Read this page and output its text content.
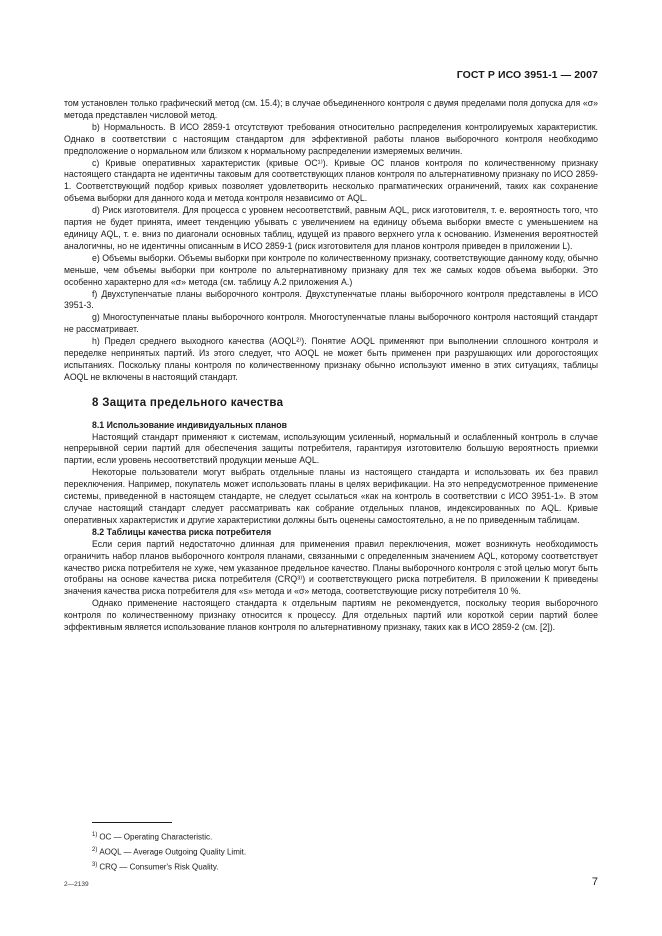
ГОСТ Р ИСО 3951-1 — 2007

том установлен только графический метод (см. 15.4); в случае объединенного контроля с двумя пределами поля допуска для «σ» метода представлен числовой метод.

b) Нормальность. В ИСО 2859-1 отсутствуют требования относительно распределения контролируемых характеристик. Однако в соответствии с настоящим стандартом для эффективной работы планов выборочного контроля необходимо предположение о нормальном или близком к нормальному распределении измеряемых величин.

c) Кривые оперативных характеристик (кривые ОС¹⁾). Кривые ОС планов контроля по количественному признаку настоящего стандарта не идентичны таковым для соответствующих планов контроля по альтернативному признаку по ИСО 2859-1. Соответствующий подбор кривых позволяет удовлетворить несколько прагматических ограничений, таких как сохранение объема выборки для данного кода и метода контроля независимо от AQL.

d) Риск изготовителя. Для процесса с уровнем несоответствий, равным AQL, риск изготовителя, т. е. вероятность того, что партия не будет принята, имеет тенденцию убывать с увеличением на единицу объема выборки вместе с уменьшением на единицу AQL, т. е. вниз по диагонали основных таблиц, идущей из правого верхнего угла к основанию. Изменения вероятностей аналогичны, но не идентичны описанным в ИСО 2859-1 (риск изготовителя для планов контроля приведен в приложении L).

e) Объемы выборки. Объемы выборки при контроле по количественному признаку, соответствующие данному коду, обычно меньше, чем объемы выборки при контроле по альтернативному признаку для тех же самых кодов объема выборки. Это особенно характерно для «σ» метода (см. таблицу А.2 приложения А.)

f) Двухступенчатые планы выборочного контроля. Двухступенчатые планы выборочного контроля представлены в ИСО 3951-3.

g) Многоступенчатые планы выборочного контроля. Многоступенчатые планы выборочного контроля настоящий стандарт не рассматривает.

h) Предел среднего выходного качества (AOQL²⁾). Понятие AOQL применяют при выполнении сплошного контроля и переделке непринятых партий. Из этого следует, что AOQL не может быть применен при разрушающих или дорогостоящих испытаниях. Поскольку планы контроля по количественному признаку обычно используют именно в этих ситуациях, таблицы AOQL не включены в настоящий стандарт.

8 Защита предельного качества

8.1 Использование индивидуальных планов

Настоящий стандарт применяют к системам, использующим усиленный, нормальный и ослабленный контроль в случае непрерывной серии партий для обеспечения защиты потребителя, гарантируя изготовителю большую вероятность приемки партии, если уровень несоответствий продукции меньше AQL.

Некоторые пользователи могут выбрать отдельные планы из настоящего стандарта и использовать их без правил переключения. Например, покупатель может использовать планы в целях верификации. На это непредусмотренное применение системы, приведенной в настоящем стандарте, не следует ссылаться «как на контроль в соответствии с ИСО 3951-1». В этом случае настоящий стандарт следует рассматривать как собрание отдельных планов, индексированных по AQL. Кривые оперативных характеристик и другие характеристики должны быть оценены самостоятельно, а не по приведенным таблицам.

8.2 Таблицы качества риска потребителя

Если серия партий недостаточно длинная для применения правил переключения, может возникнуть необходимость ограничить набор планов выборочного контроля планами, связанными с определенным значением AQL, которому соответствует качество риска потребителя не хуже, чем указанное предельное качество. Планы выборочного контроля с этой целью могут быть отобраны на основе качества риска потребителя (CRQ³⁾) и соответствующего риска потребителя. В приложении К приведены значения качества риска потребителя для «s» метода и «σ» метода, соответствующие риску потребителя 10 %.

Однако применение настоящего стандарта к отдельным партиям не рекомендуется, поскольку теория выборочного контроля по количественному признаку относится к процессу. Для отдельных партий или короткой серии партий более эффективным является использование планов контроля по альтернативному признаку, таких как в ИСО 2859-2 (см. [2]).

$^{1)}$ ОС — Operating Characteristic.
$^{2)}$ AOQL — Average Outgoing Quality Limit.
$^{3)}$ CRQ — Consumer's Risk Quality.
2—2139	7
